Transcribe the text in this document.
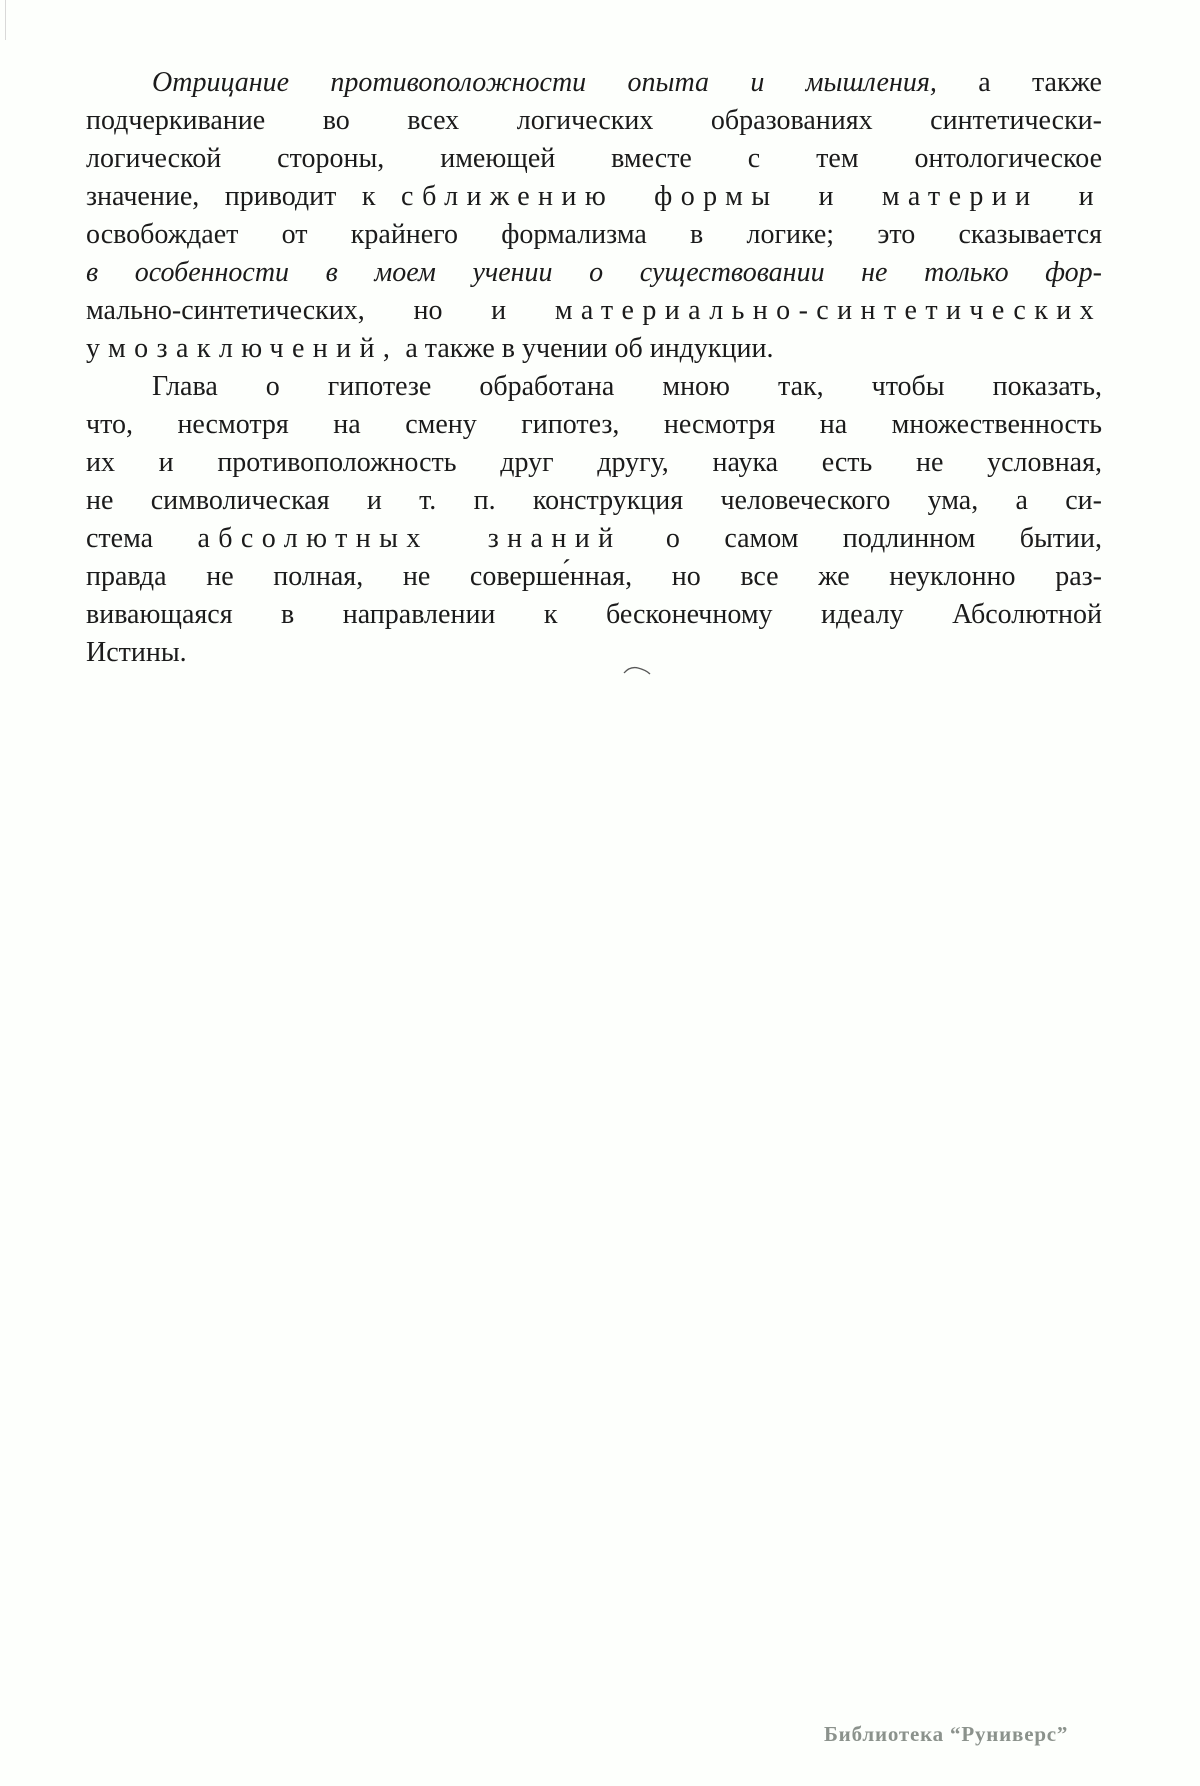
Отрицание противоположности опыта и мышления, а также
подчеркивание во всех логических образованиях синтетически-
логической стороны, имеющей вместе с тем онтологическое
значение, приводит к сближению формы и материи и
освобождает от крайнего формализма в логике; это сказывается
в особенности в моем учении о существовании не только фор-
мально-синтетических, но и материально-синтетических
умозаключений, а также в учении об индукции.
Глава о гипотезе обработана мною так, чтобы показать,
что, несмотря на смену гипотез, несмотря на множественность
их и противоположность друг другу, наука есть не условная,
не символическая и т. п. конструкция человеческого ума, а си-
стема абсолютных знаний о самом подлинном бытии,
правда не полная, не соверше́нная, но все же неуклонно раз-
вивающаяся в направлении к бесконечному идеалу Абсолютной
Истины.
Библиотека “Руниверс”
